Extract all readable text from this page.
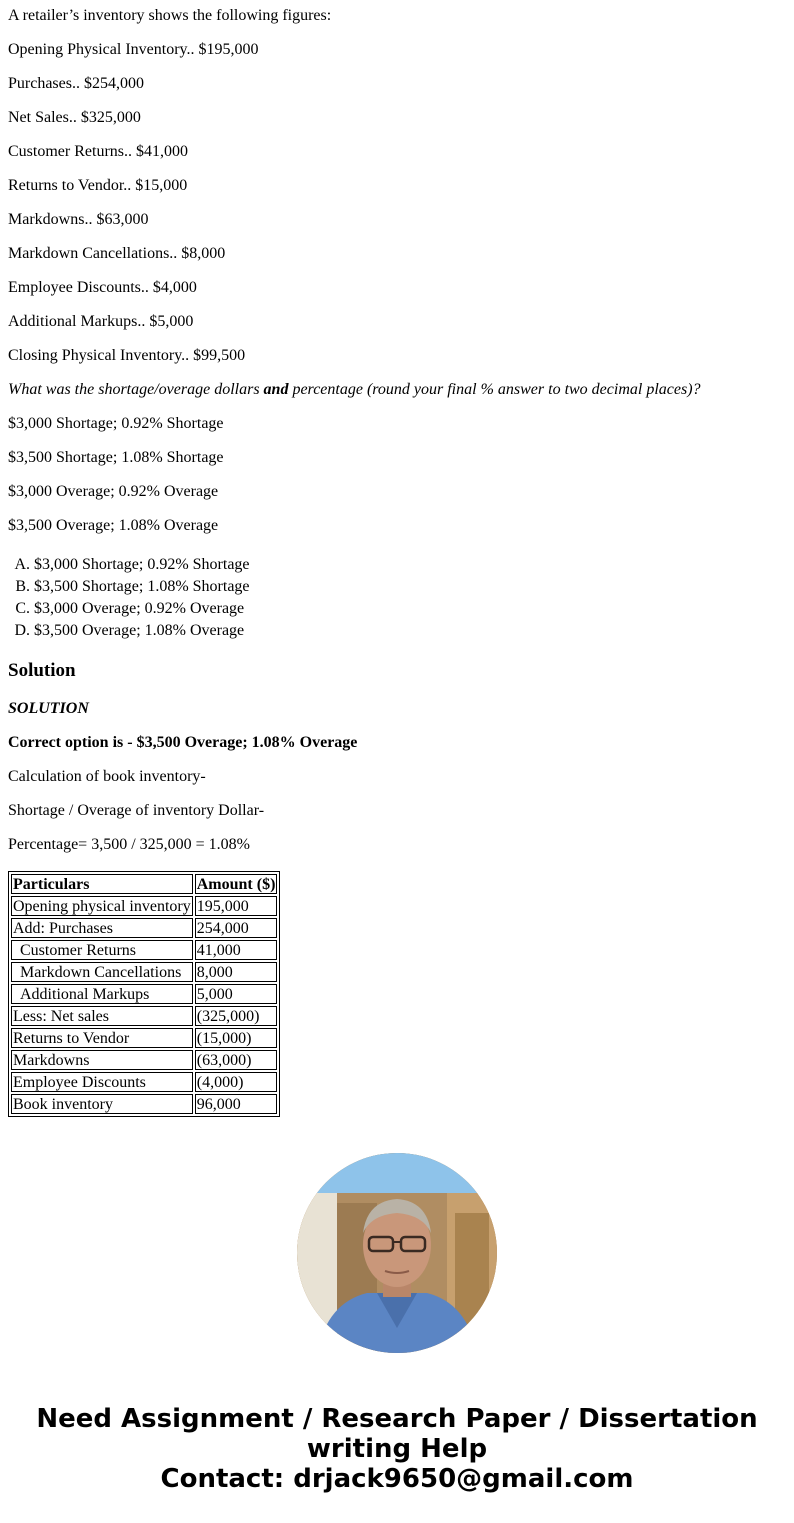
A retailer’s inventory shows the following figures:

Opening Physical Inventory.. $195,000

Purchases.. $254,000

Net Sales.. $325,000

Customer Returns.. $41,000

Returns to Vendor.. $15,000

Markdowns.. $63,000

Markdown Cancellations.. $8,000

Employee Discounts.. $4,000

Additional Markups.. $5,000

Closing Physical Inventory.. $99,500

What was the shortage/overage dollars and percentage (round your final % answer to two decimal places)?

$3,000 Shortage; 0.92% Shortage

$3,500 Shortage; 1.08% Shortage

$3,000 Overage; 0.92% Overage

$3,500 Overage; 1.08% Overage

A. $3,000 Shortage; 0.92% Shortage
B. $3,500 Shortage; 1.08% Shortage
C. $3,000 Overage; 0.92% Overage
D. $3,500 Overage; 1.08% Overage
Solution

SOLUTION

Correct option is - $3,500 Overage; 1.08% Overage

Calculation of book inventory-

Shortage / Overage of inventory Dollar-

Percentage= 3,500 / 325,000 = 1.08%

Particulars	Amount ($)
Opening physical inventory	195,000
Add: Purchases	254,000
Customer Returns	41,000
Markdown Cancellations	8,000
Additional Markups	5,000
Less: Net sales	(325,000)
Returns to Vendor	(15,000)
Markdowns	(63,000)
Employee Discounts	(4,000)
Book inventory	96,000
Need Assignment / Research Paper / Dissertation
writing Help
Contact: drjack9650@gmail.com
